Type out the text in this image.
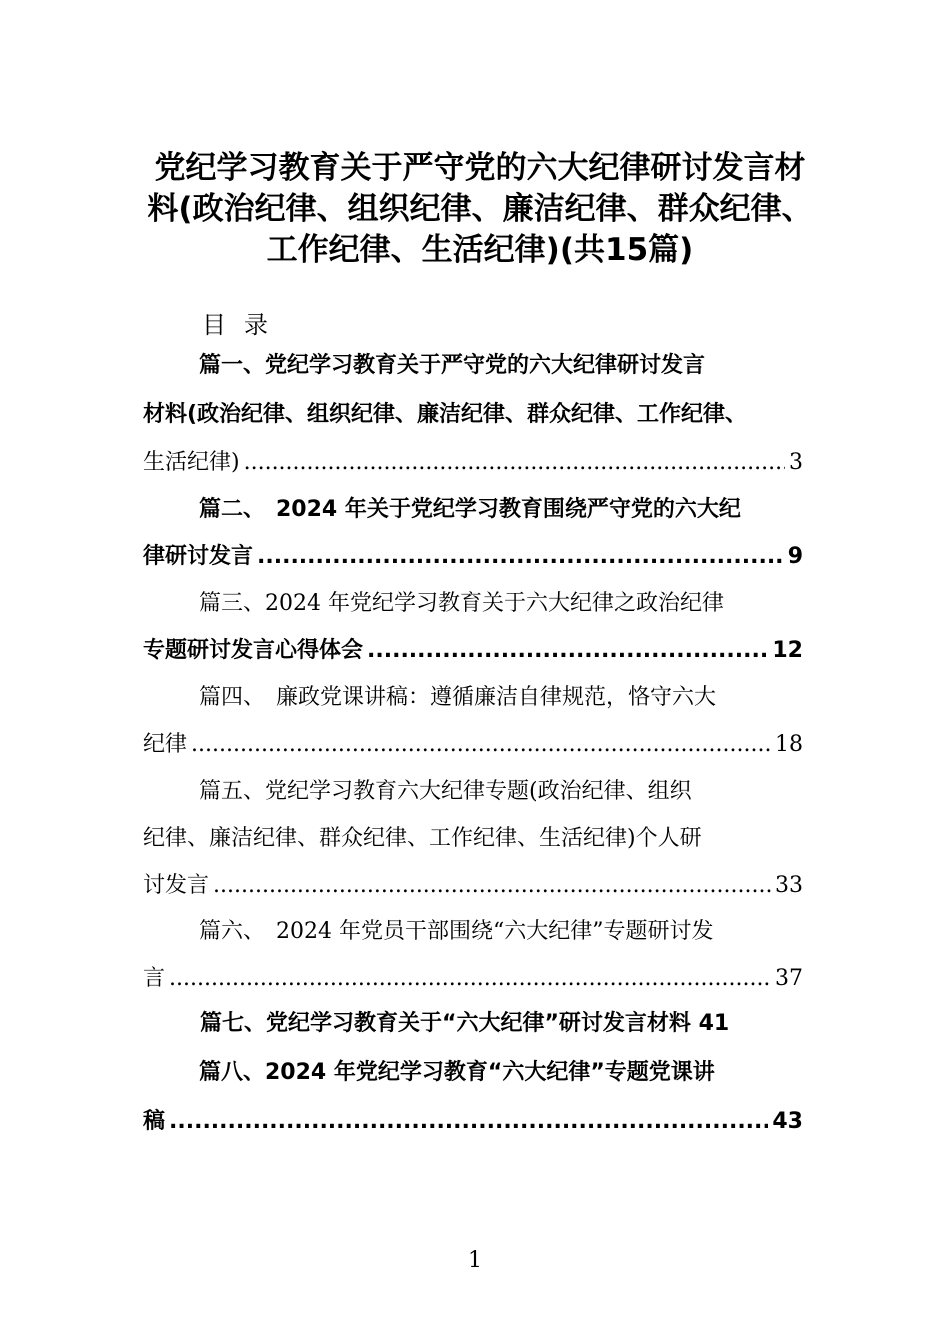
党纪学习教育关于严守党的六大纪律研讨发言材料(政治纪律、组织纪律、廉洁纪律、群众纪律、工作纪律、生活纪律)(共15篇)
目录
篇一、党纪学习教育关于严守党的六大纪律研讨发言
材料(政治纪律、组织纪律、廉洁纪律、群众纪律、工作纪律、
生活纪律) .....	3
篇二、　2024 年关于党纪学习教育围绕严守党的六大纪
律研讨发言 .....	9
篇三、2024 年党纪学习教育关于六大纪律之政治纪律
专题研讨发言心得体会 .....	12
篇四、　廉政党课讲稿：遵循廉洁自律规范，恪守六大
纪律 .....	18
篇五、党纪学习教育六大纪律专题(政治纪律、组织
纪律、廉洁纪律、群众纪律、工作纪律、生活纪律)个人研
讨发言 .....	33
篇六、　2024 年党员干部围绕“六大纪律”专题研讨发
言 .....	37
篇七、党纪学习教育关于“六大纪律”研讨发言材料 41
篇八、2024 年党纪学习教育“六大纪律”专题党课讲
稿 .....	43
1
